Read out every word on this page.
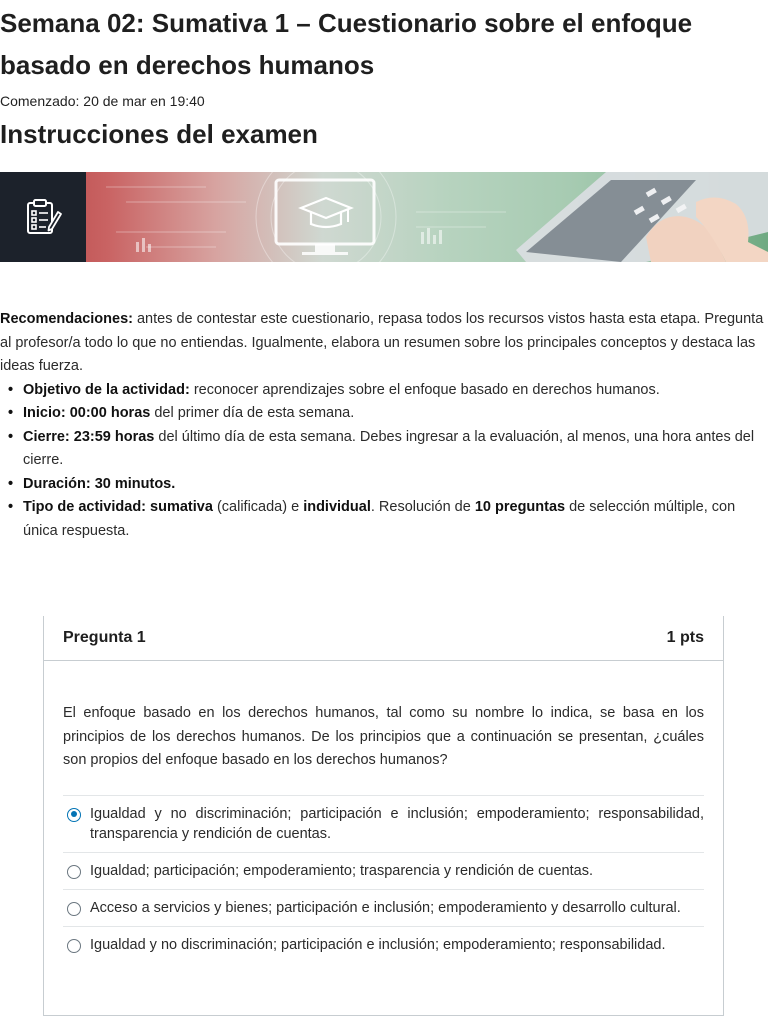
Semana 02: Sumativa 1 – Cuestionario sobre el enfoque basado en derechos humanos
Comenzado: 20 de mar en 19:40
Instrucciones del examen

Recomendaciones: antes de contestar este cuestionario, repasa todos los recursos vistos hasta esta etapa. Pregunta al profesor/a todo lo que no entiendas. Igualmente, elabora un resumen sobre los principales conceptos y destaca las ideas fuerza.

• Objetivo de la actividad: reconocer aprendizajes sobre el enfoque basado en derechos humanos.
• Inicio: 00:00 horas del primer día de esta semana.
• Cierre: 23:59 horas del último día de esta semana. Debes ingresar a la evaluación, al menos, una hora antes del cierre.
• Duración: 30 minutos.
• Tipo de actividad: sumativa (calificada) e individual. Resolución de 10 preguntas de selección múltiple, con única respuesta.
Pregunta 1	1 pts
El enfoque basado en los derechos humanos, tal como su nombre lo indica, se basa en los principios de los derechos humanos. De los principios que a continuación se presentan, ¿cuáles son propios del enfoque basado en los derechos humanos?
Igualdad y no discriminación; participación e inclusión; empoderamiento; responsabilidad, transparencia y rendición de cuentas.
Igualdad; participación; empoderamiento; trasparencia y rendición de cuentas.
Acceso a servicios y bienes; participación e inclusión; empoderamiento y desarrollo cultural.
Igualdad y no discriminación; participación e inclusión; empoderamiento; responsabilidad.
